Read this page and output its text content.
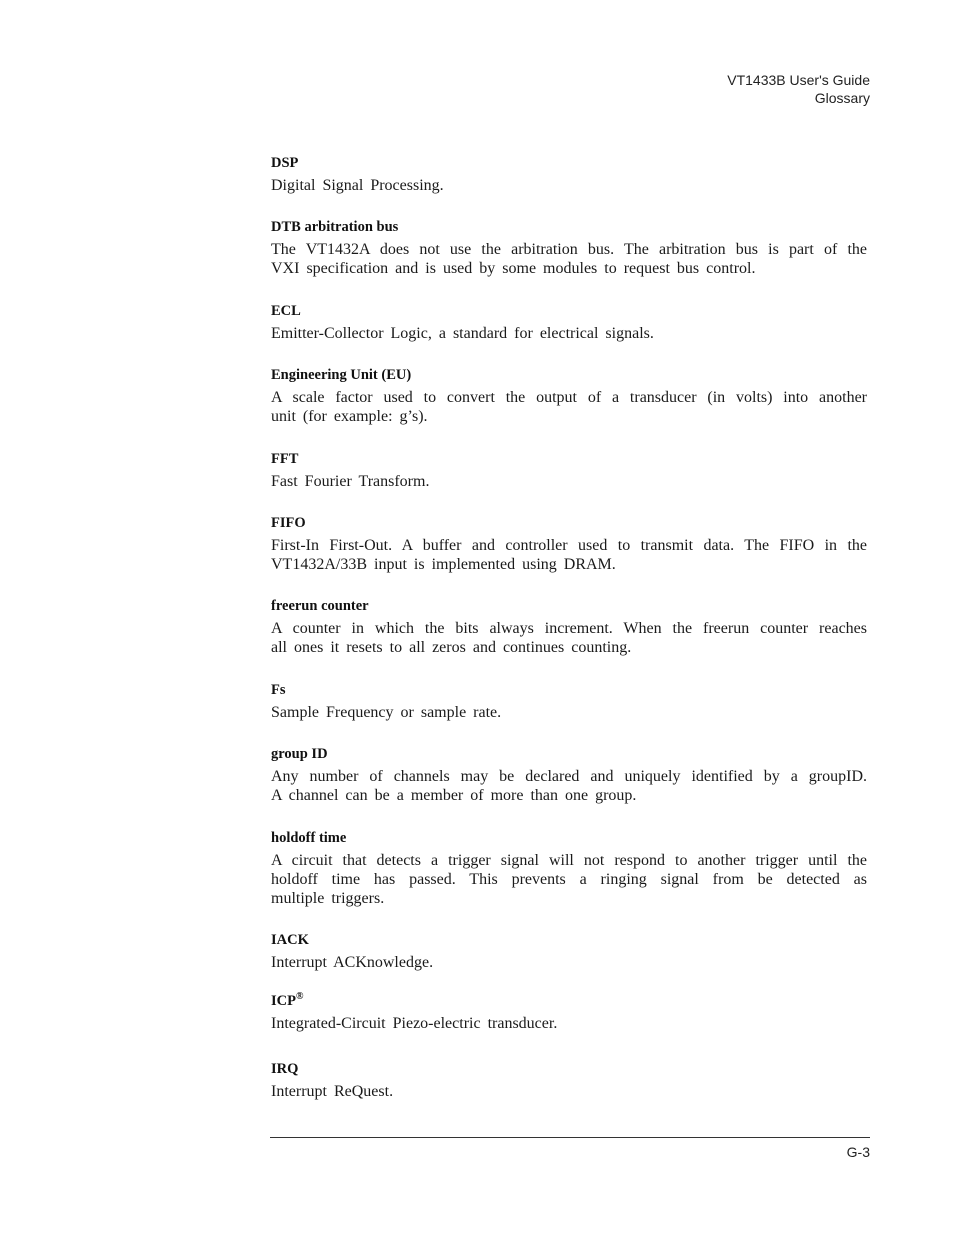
VT1433B User's Guide
Glossary
DSP
Digital Signal Processing.
DTB arbitration bus
The VT1432A does not use the arbitration bus. The arbitration bus is part of the
VXI specification and is used by some modules to request bus control.
ECL
Emitter-Collector Logic, a standard for electrical signals.
Engineering Unit (EU)
A scale factor used to convert the output of a transducer (in volts) into another
unit (for example: g’s).
FFT
Fast Fourier Transform.
FIFO
First-In First-Out. A buffer and controller used to transmit data. The FIFO in the
VT1432A/33B input is implemented using DRAM.
freerun counter
A counter in which the bits always increment. When the freerun counter reaches
all ones it resets to all zeros and continues counting.
Fs
Sample Frequency or sample rate.
group ID
Any number of channels may be declared and uniquely identified by a groupID.
A channel can be a member of more than one group.
holdoff time
A circuit that detects a trigger signal will not respond to another trigger until the
holdoff time has passed. This prevents a ringing signal from be detected as
multiple triggers.
IACK
Interrupt ACKnowledge.
ICP®
Integrated-Circuit Piezo-electric transducer.
IRQ
Interrupt ReQuest.
G-3
